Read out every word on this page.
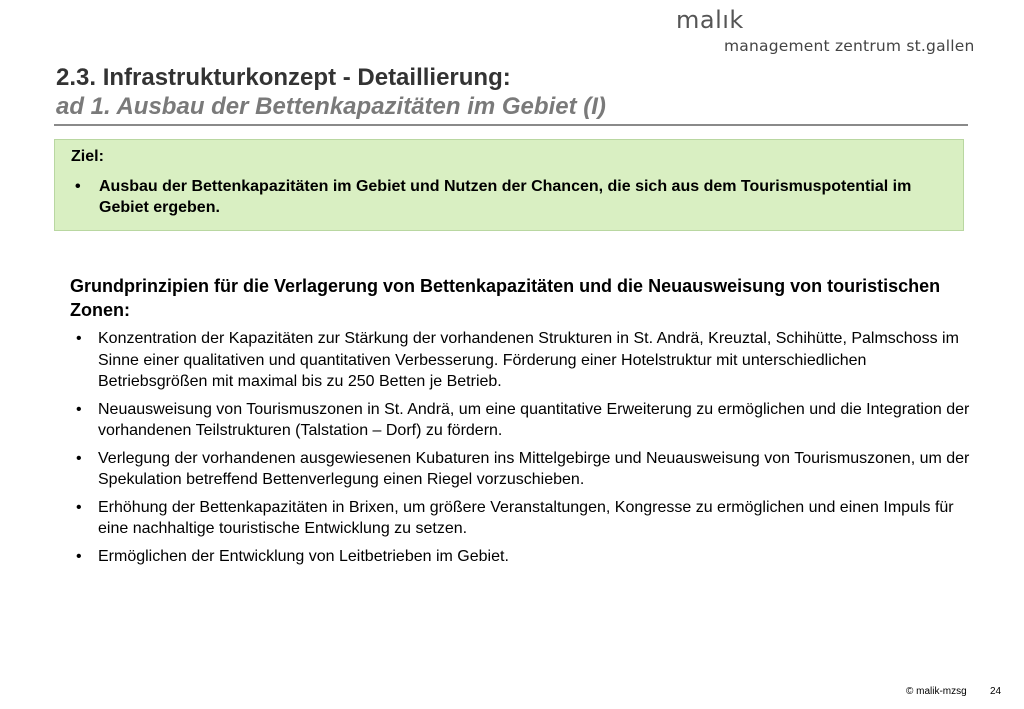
malık
management zentrum st.gallen
2.3. Infrastrukturkonzept - Detaillierung:
ad 1. Ausbau der Bettenkapazitäten im Gebiet (I)
Ziel:
• Ausbau der Bettenkapazitäten im Gebiet und Nutzen der Chancen, die sich aus dem Tourismuspotential im Gebiet ergeben.
Grundprinzipien für die Verlagerung von Bettenkapazitäten und die Neuausweisung von touristischen Zonen:
• Konzentration der Kapazitäten zur Stärkung der vorhandenen Strukturen in St. Andrä, Kreuztal, Schihütte, Palmschoss im Sinne einer qualitativen und quantitativen Verbesserung. Förderung einer Hotelstruktur mit unterschiedlichen Betriebsgrößen mit maximal bis zu 250 Betten je Betrieb.
• Neuausweisung von Tourismuszonen in St. Andrä, um eine quantitative Erweiterung zu ermöglichen und die Integration der vorhandenen Teilstrukturen (Talstation – Dorf) zu fördern.
• Verlegung der vorhandenen ausgewiesenen Kubaturen ins Mittelgebirge und Neuausweisung von Tourismuszonen, um der Spekulation betreffend Bettenverlegung einen Riegel vorzuschieben.
• Erhöhung der Bettenkapazitäten in Brixen, um größere Veranstaltungen, Kongresse zu ermöglichen und einen Impuls für eine nachhaltige touristische Entwicklung zu setzen.
• Ermöglichen der Entwicklung von Leitbetrieben im Gebiet.
© malik-mzsg 24
